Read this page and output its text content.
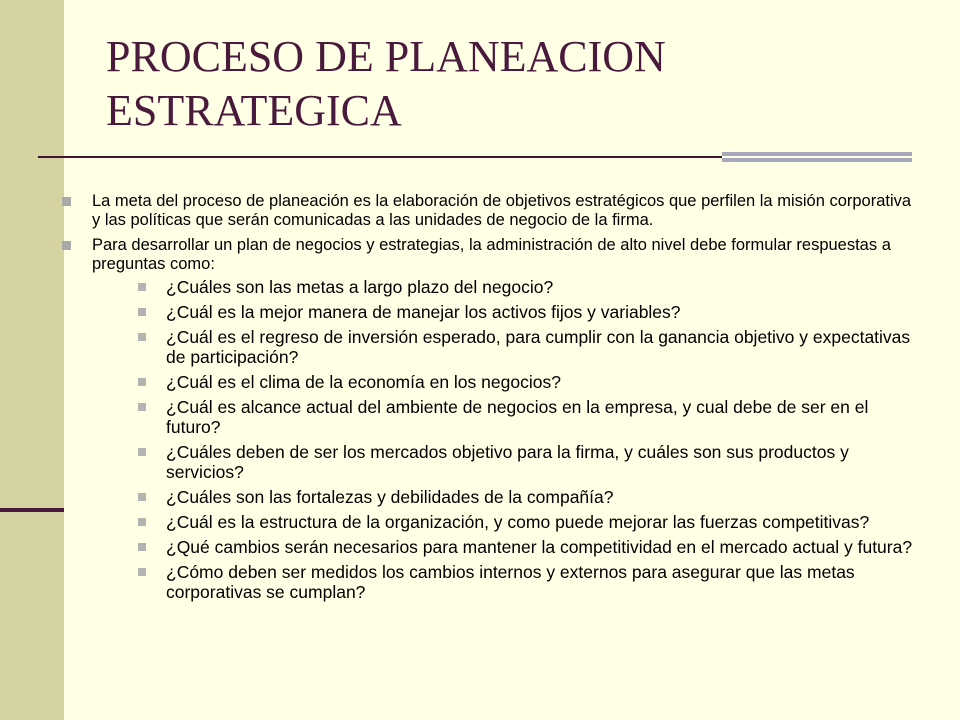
PROCESO DE PLANEACION ESTRATEGICA
La meta del proceso de planeación es la elaboración de objetivos estratégicos que perfilen la misión corporativa y las políticas que serán comunicadas a las unidades de negocio de la firma.
Para desarrollar un plan de negocios y estrategias, la administración de alto nivel debe formular respuestas a preguntas como:
¿Cuáles son las metas a largo plazo del negocio?
¿Cuál es la mejor manera de manejar los activos fijos y variables?
¿Cuál es el regreso de inversión esperado, para cumplir con la ganancia objetivo y expectativas de participación?
¿Cuál es el clima de la economía en los negocios?
¿Cuál es alcance actual del ambiente de negocios en la empresa, y cual debe de ser en el futuro?
¿Cuáles deben de ser los mercados objetivo para la firma, y cuáles son sus productos y servicios?
¿Cuáles son las fortalezas y debilidades de la compañía?
¿Cuál es la estructura de la organización, y como puede mejorar las fuerzas competitivas?
¿Qué cambios serán necesarios para mantener la competitividad en el mercado actual y futura?
¿Cómo deben ser medidos los cambios internos y externos para asegurar que las metas corporativas se cumplan?
